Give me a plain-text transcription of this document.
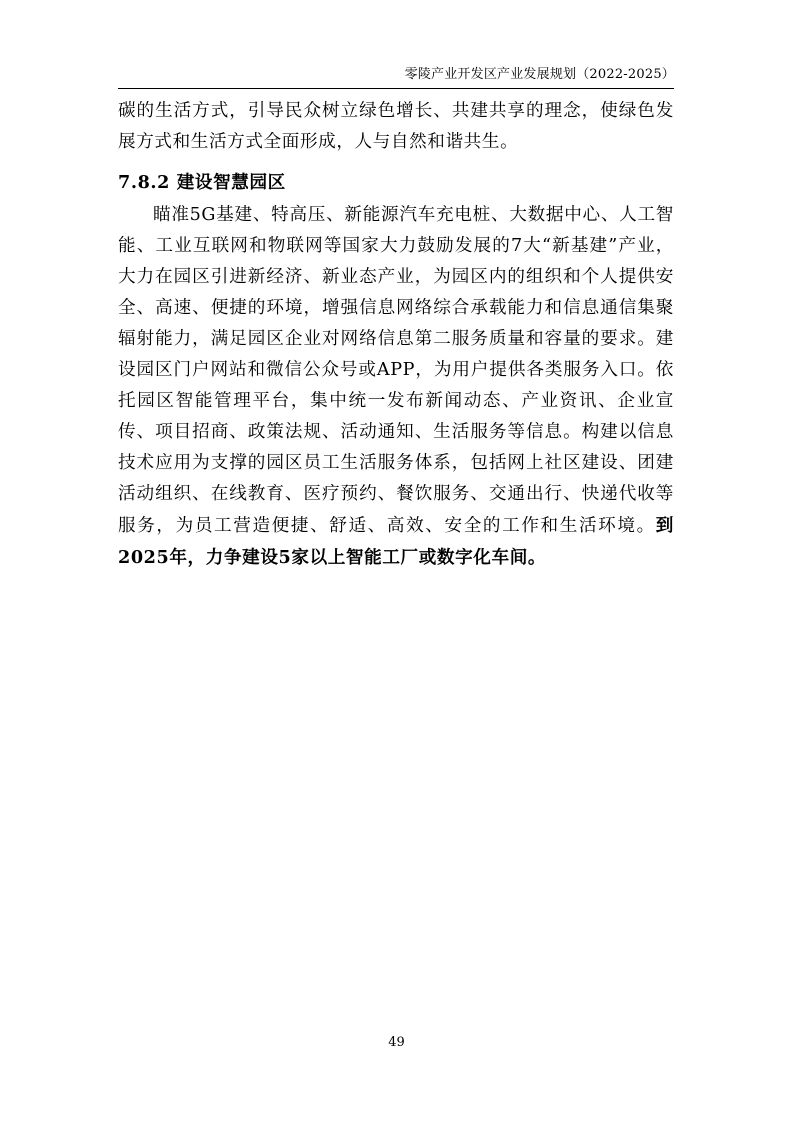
零陵产业开发区产业发展规划（2022-2025）

碳的生活方式，引导民众树立绿色增长、共建共享的理念，使绿色发展方式和生活方式全面形成，人与自然和谐共生。

7.8.2 建设智慧园区

瞄准5G基建、特高压、新能源汽车充电桩、大数据中心、人工智能、工业互联网和物联网等国家大力鼓励发展的7大“新基建”产业，大力在园区引进新经济、新业态产业，为园区内的组织和个人提供安全、高速、便捷的环境，增强信息网络综合承载能力和信息通信集聚辐射能力，满足园区企业对网络信息第二服务质量和容量的要求。建设园区门户网站和微信公众号或APP，为用户提供各类服务入口。依托园区智能管理平台，集中统一发布新闻动态、产业资讯、企业宣传、项目招商、政策法规、活动通知、生活服务等信息。构建以信息技术应用为支撑的园区员工生活服务体系，包括网上社区建设、团建活动组织、在线教育、医疗预约、餐饮服务、交通出行、快递代收等服务，为员工营造便捷、舒适、高效、安全的工作和生活环境。到2025年，力争建设5家以上智能工厂或数字化车间。

49
